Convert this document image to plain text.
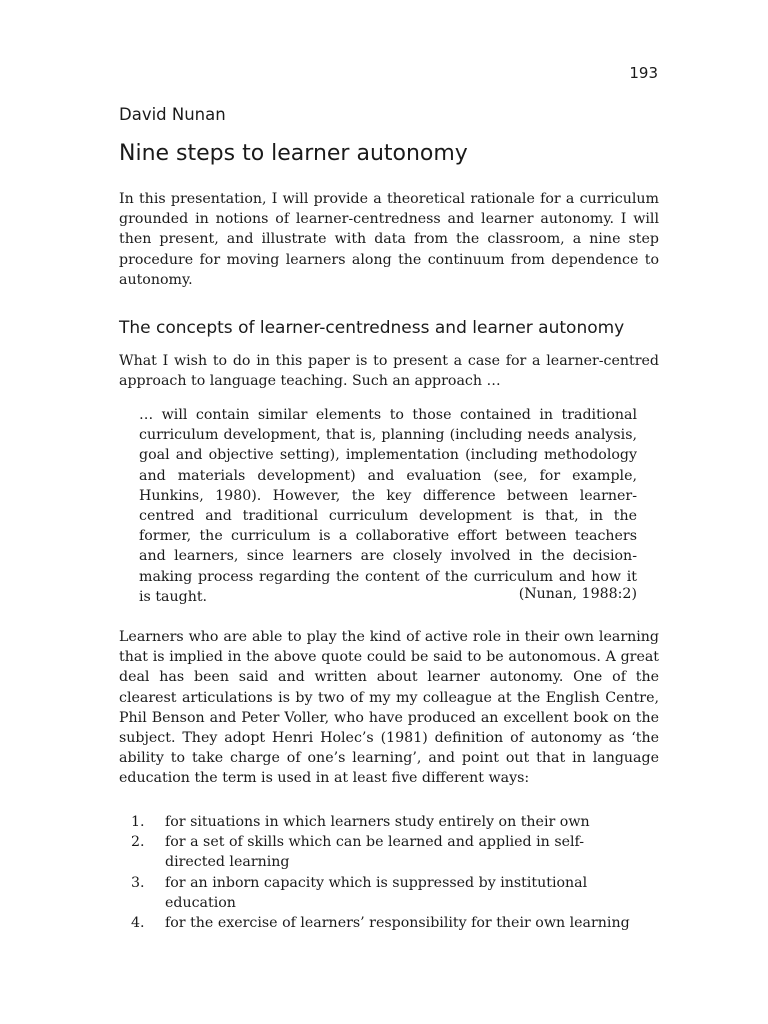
193
David Nunan
Nine steps to learner autonomy

In this presentation, I will provide a theoretical rationale for a curriculum grounded in notions of learner-centredness and learner autonomy. I will then present, and illustrate with data from the classroom, a nine step procedure for moving learners along the continuum from dependence to autonomy.

The concepts of learner-centredness and learner autonomy

What I wish to do in this paper is to present a case for a learner-centred approach to language teaching. Such an approach …

… will contain similar elements to those contained in traditional curriculum development, that is, planning (including needs analysis, goal and objective setting), implementation (including methodology and materials development) and evaluation (see, for example, Hunkins, 1980). However, the key difference between learner-centred and traditional curriculum development is that, in the former, the curriculum is a collaborative effort between teachers and learners, since learners are closely involved in the decision-making process regarding the content of the curriculum and how it is taught.	(Nunan, 1988:2)

Learners who are able to play the kind of active role in their own learning that is implied in the above quote could be said to be autonomous. A great deal has been said and written about learner autonomy. One of the clearest articulations is by two of my my colleague at the English Centre, Phil Benson and Peter Voller, who have produced an excellent book on the subject. They adopt Henri Holec’s (1981) definition of autonomy as ‘the ability to take charge of one’s learning’, and point out that in language education the term is used in at least five different ways:

1. for situations in which learners study entirely on their own
2. for a set of skills which can be learned and applied in self-directed learning
3. for an inborn capacity which is suppressed by institutional education
4. for the exercise of learners’ responsibility for their own learning
